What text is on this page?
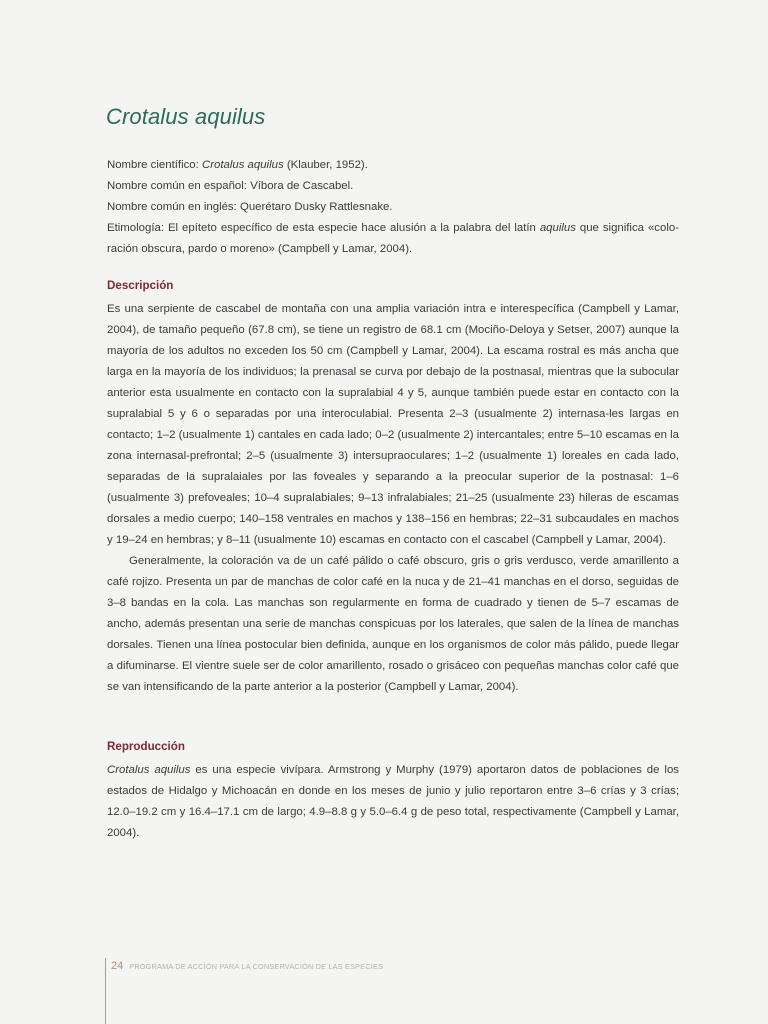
Crotalus aquilus

Nombre científico: Crotalus aquilus (Klauber, 1952).

Nombre común en español: Víbora de Cascabel.

Nombre común en inglés: Querétaro Dusky Rattlesnake.

Etimología: El epíteto específico de esta especie hace alusión a la palabra del latín aquilus que significa «colo-ración obscura, pardo o moreno» (Campbell y Lamar, 2004).

Descripción

Es una serpiente de cascabel de montaña con una amplia variación intra e interespecífica (Campbell y Lamar, 2004), de tamaño pequeño (67.8 cm), se tiene un registro de 68.1 cm (Mociño-Deloya y Setser, 2007) aunque la mayoría de los adultos no exceden los 50 cm (Campbell y Lamar, 2004). La escama rostral es más ancha que larga en la mayoría de los individuos; la prenasal se curva por debajo de la postnasal, mientras que la subocular anterior esta usualmente en contacto con la supralabial 4 y 5, aunque también puede estar en contacto con la supralabial 5 y 6 o separadas por una interoculabial. Presenta 2–3 (usualmente 2) internasa-les largas en contacto; 1–2 (usualmente 1) cantales en cada lado; 0–2 (usualmente 2) intercantales; entre 5–10 escamas en la zona internasal-prefrontal; 2–5 (usualmente 3) intersupraoculares; 1–2 (usualmente 1) loreales en cada lado, separadas de la supralaiales por las foveales y separando a la preocular superior de la postnasal: 1–6 (usualmente 3) prefoveales; 10–4 supralabiales; 9–13 infralabiales; 21–25 (usualmente 23) hileras de escamas dorsales a medio cuerpo; 140–158 ventrales en machos y 138–156 en hembras; 22–31 subcaudales en machos y 19–24 en hembras; y 8–11 (usualmente 10) escamas en contacto con el cascabel (Campbell y Lamar, 2004).

Generalmente, la coloración va de un café pálido o café obscuro, gris o gris verdusco, verde amarillento a café rojizo. Presenta un par de manchas de color café en la nuca y de 21–41 manchas en el dorso, seguidas de 3–8 bandas en la cola. Las manchas son regularmente en forma de cuadrado y tienen de 5–7 escamas de ancho, además presentan una serie de manchas conspicuas por los laterales, que salen de la línea de manchas dorsales. Tienen una línea postocular bien definida, aunque en los organismos de color más pálido, puede llegar a difuminarse. El vientre suele ser de color amarillento, rosado o grisáceo con pequeñas manchas color café que se van intensificando de la parte anterior a la posterior (Campbell y Lamar, 2004).

Reproducción

Crotalus aquilus es una especie vivípara. Armstrong y Murphy (1979) aportaron datos de poblaciones de los estados de Hidalgo y Michoacán en donde en los meses de junio y julio reportaron entre 3–6 crías y 3 crías; 12.0–19.2 cm y 16.4–17.1 cm de largo; 4.9–8.8 g y 5.0–6.4 g de peso total, respectivamente (Campbell y Lamar, 2004).

24 PROGRAMA DE ACCIÓN PARA LA CONSERVACIÓN DE LAS ESPECIES
